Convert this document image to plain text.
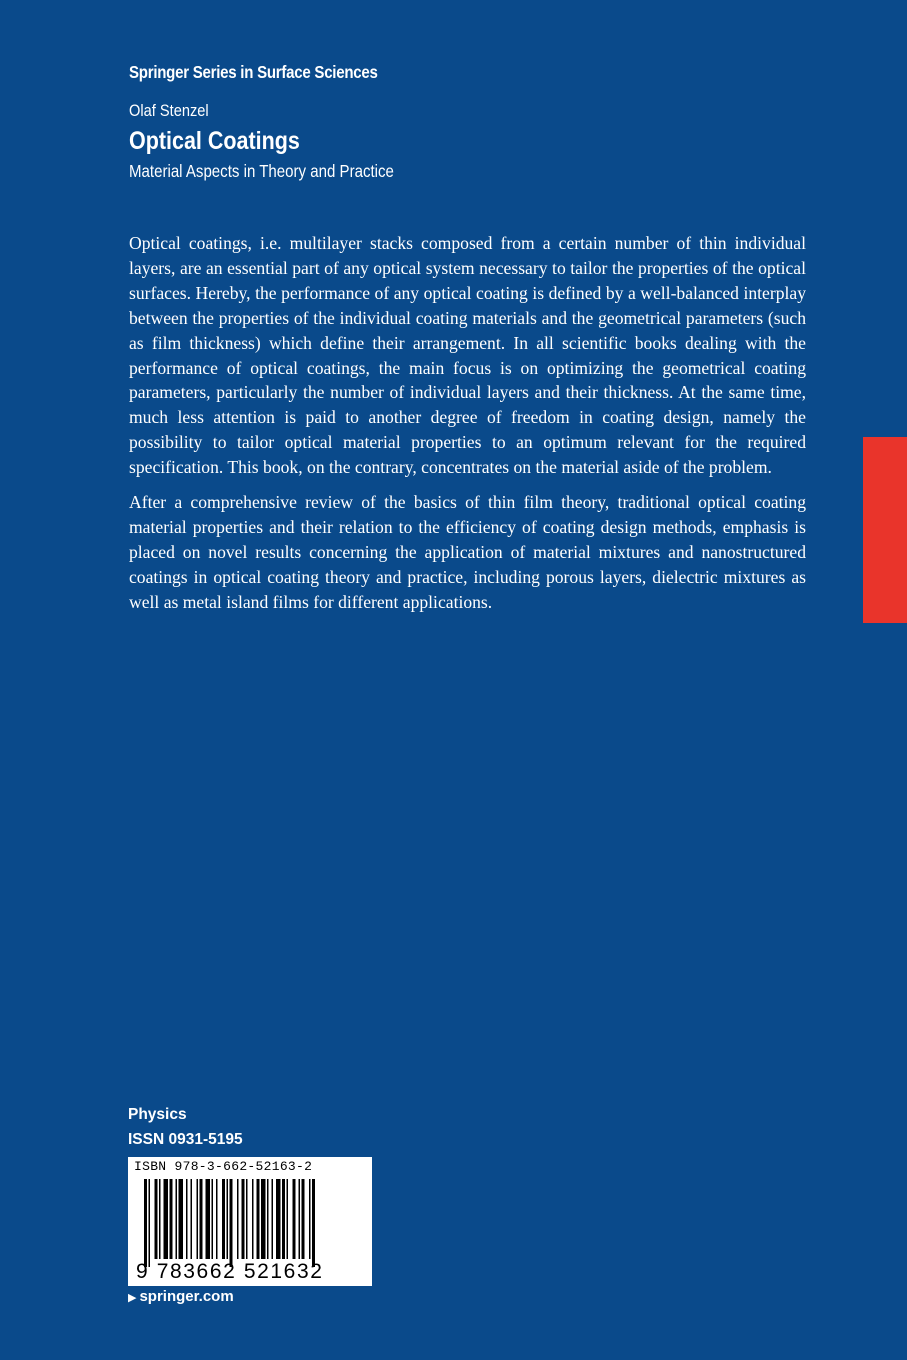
Springer Series in Surface Sciences
Olaf Stenzel
Optical Coatings
Material Aspects in Theory and Practice

Optical coatings, i.e. multilayer stacks composed from a certain number of thin individual layers, are an essential part of any optical system necessary to tailor the properties of the optical surfaces. Hereby, the performance of any optical coating is defined by a well-balanced interplay between the properties of the individual coating materials and the geometrical parameters (such as film thickness) which define their arrangement. In all scientific books dealing with the performance of optical coatings, the main focus is on optimizing the geometrical coating parameters, particularly the number of individual layers and their thickness. At the same time, much less attention is paid to another degree of freedom in coating design, namely the possibility to tailor optical material properties to an optimum relevant for the required specification. This book, on the contrary, concentrates on the material aside of the problem.

After a comprehensive review of the basics of thin film theory, traditional optical coating material properties and their relation to the efficiency of coating design methods, emphasis is placed on novel results concerning the application of material mixtures and nanostructured coatings in optical coating theory and practice, including porous layers, dielectric mixtures as well as metal island films for different applications.

Physics
ISSN 0931-5195
ISBN 978-3-662-52163-2
9 783662 521632
▶ springer.com
